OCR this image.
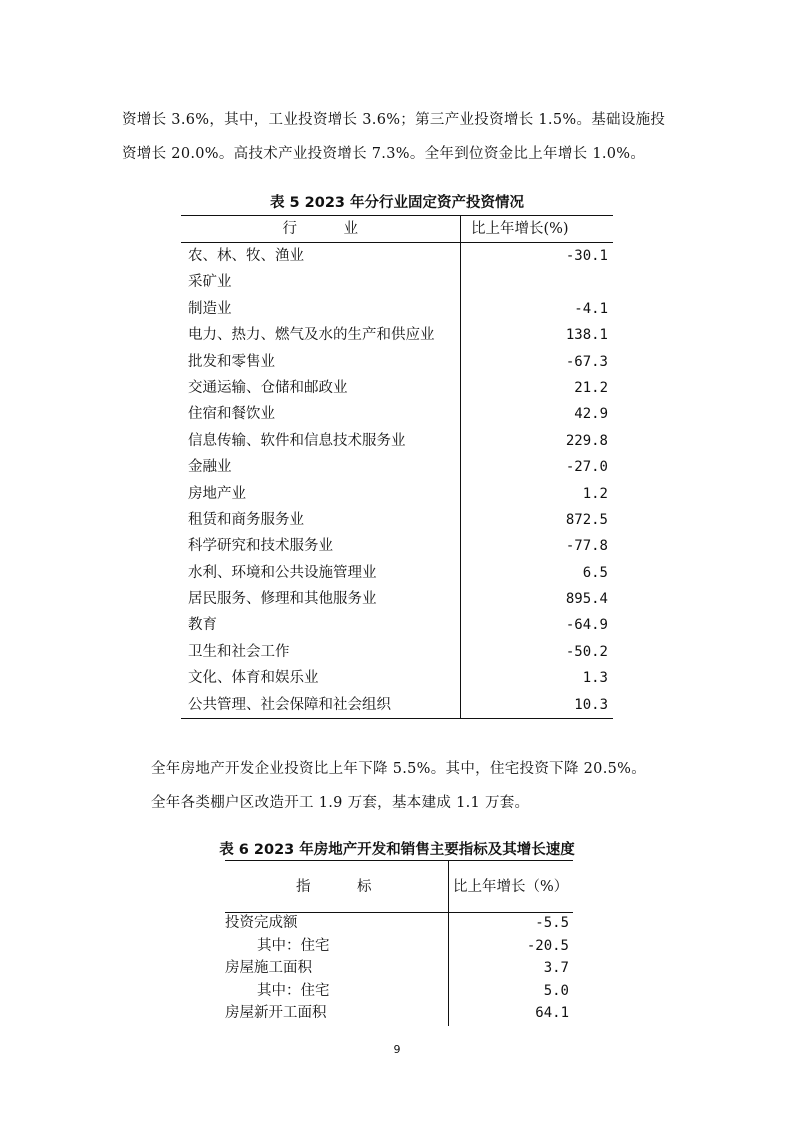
资增长 3.6%，其中，工业投资增长 3.6%；第三产业投资增长 1.5%。基础设施投
资增长 20.0%。高技术产业投资增长 7.3%。全年到位资金比上年增长 1.0%。
表 5 2023 年分行业固定资产投资情况
行         业	比上年增长(%)
农、林、牧、渔业	-30.1
采矿业
制造业	-4.1
电力、热力、燃气及水的生产和供应业	138.1
批发和零售业	-67.3
交通运输、仓储和邮政业	21.2
住宿和餐饮业	42.9
信息传输、软件和信息技术服务业	229.8
金融业	-27.0
房地产业	1.2
租赁和商务服务业	872.5
科学研究和技术服务业	-77.8
水利、环境和公共设施管理业	6.5
居民服务、修理和其他服务业	895.4
教育	-64.9
卫生和社会工作	-50.2
文化、体育和娱乐业	1.3
公共管理、社会保障和社会组织	10.3
全年房地产开发企业投资比上年下降 5.5%。其中，住宅投资下降 20.5%。
全年各类棚户区改造开工 1.9 万套，基本建成 1.1 万套。
表 6 2023 年房地产开发和销售主要指标及其增长速度
指         标	比上年增长（%）
投资完成额	-5.5
其中：住宅	-20.5
房屋施工面积	3.7
其中：住宅	5.0
房屋新开工面积	64.1
9
